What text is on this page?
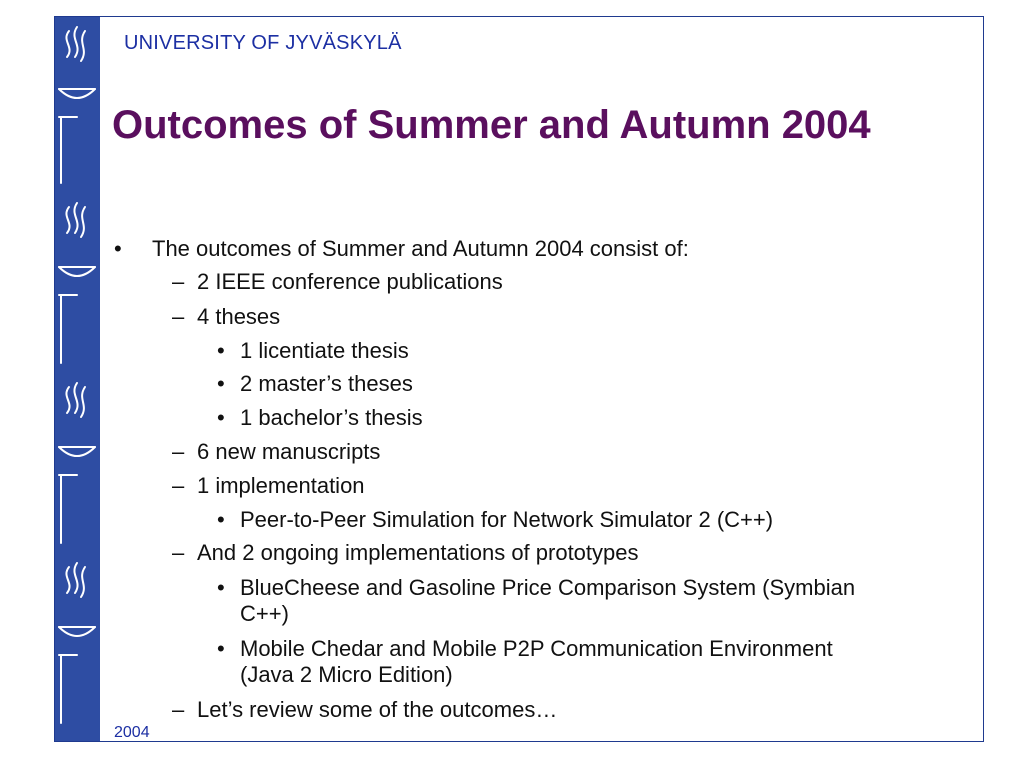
UNIVERSITY OF JYVÄSKYLÄ
Outcomes of Summer and Autumn 2004
• The outcomes of Summer and Autumn 2004 consist of:
– 2 IEEE conference publications
– 4 theses
• 1 licentiate thesis
• 2 master’s theses
• 1 bachelor’s thesis
– 6 new manuscripts
– 1 implementation
• Peer-to-Peer Simulation for Network Simulator 2 (C++)
– And 2 ongoing implementations of prototypes
• BlueCheese and Gasoline Price Comparison System (Symbian
C++)
• Mobile Chedar and Mobile P2P Communication Environment
(Java 2 Micro Edition)
– Let’s review some of the outcomes…
2004
